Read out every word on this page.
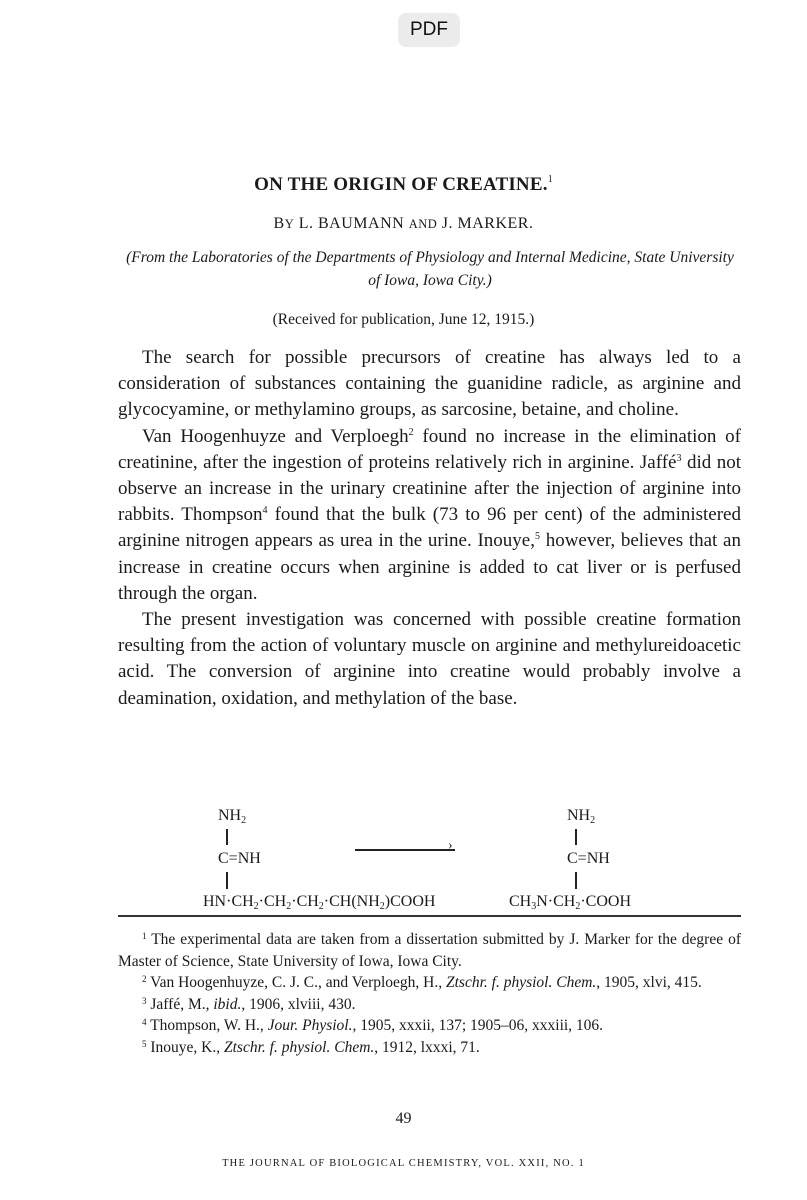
PDF
ON THE ORIGIN OF CREATINE.$^1$
BY L. BAUMANN AND J. MARKER.
(From the Laboratories of the Departments of Physiology and Internal Medicine, State University of Iowa, Iowa City.)
(Received for publication, June 12, 1915.)

The search for possible precursors of creatine has always led to a consideration of substances containing the guanidine radicle, as arginine and glycocyamine, or methylamino groups, as sarcosine, betaine, and choline.

Van Hoogenhuyze and Verploegh$^2$ found no increase in the elimination of creatinine, after the ingestion of proteins relatively rich in arginine. Jaffé$^3$ did not observe an increase in the urinary creatinine after the injection of arginine into rabbits. Thompson$^4$ found that the bulk (73 to 96 per cent) of the administered arginine nitrogen appears as urea in the urine. Inouye,$^5$ however, believes that an increase in creatine occurs when arginine is added to cat liver or is perfused through the organ.

The present investigation was concerned with possible creatine formation resulting from the action of voluntary muscle on arginine and methylureidoacetic acid. The conversion of arginine into creatine would probably involve a deamination, oxidation, and methylation of the base.

$NH_2$
C=NH
$HN\cdot CH_2\cdot CH_2\cdot CH_2\cdot CH(NH_2)COOH$
›
$NH_2$
C=NH
$CH_3N\cdot CH_2\cdot COOH$

$^1$ The experimental data are taken from a dissertation submitted by J. Marker for the degree of Master of Science, State University of Iowa, Iowa City.

$^2$ Van Hoogenhuyze, C. J. C., and Verploegh, H., Ztschr. f. physiol. Chem., 1905, xlvi, 415.

$^3$ Jaffé, M., ibid., 1906, xlviii, 430.

$^4$ Thompson, W. H., Jour. Physiol., 1905, xxxii, 137; 1905–06, xxxiii, 106.

$^5$ Inouye, K., Ztschr. f. physiol. Chem., 1912, lxxxi, 71.

49
THE JOURNAL OF BIOLOGICAL CHEMISTRY, VOL. XXII, NO. 1
